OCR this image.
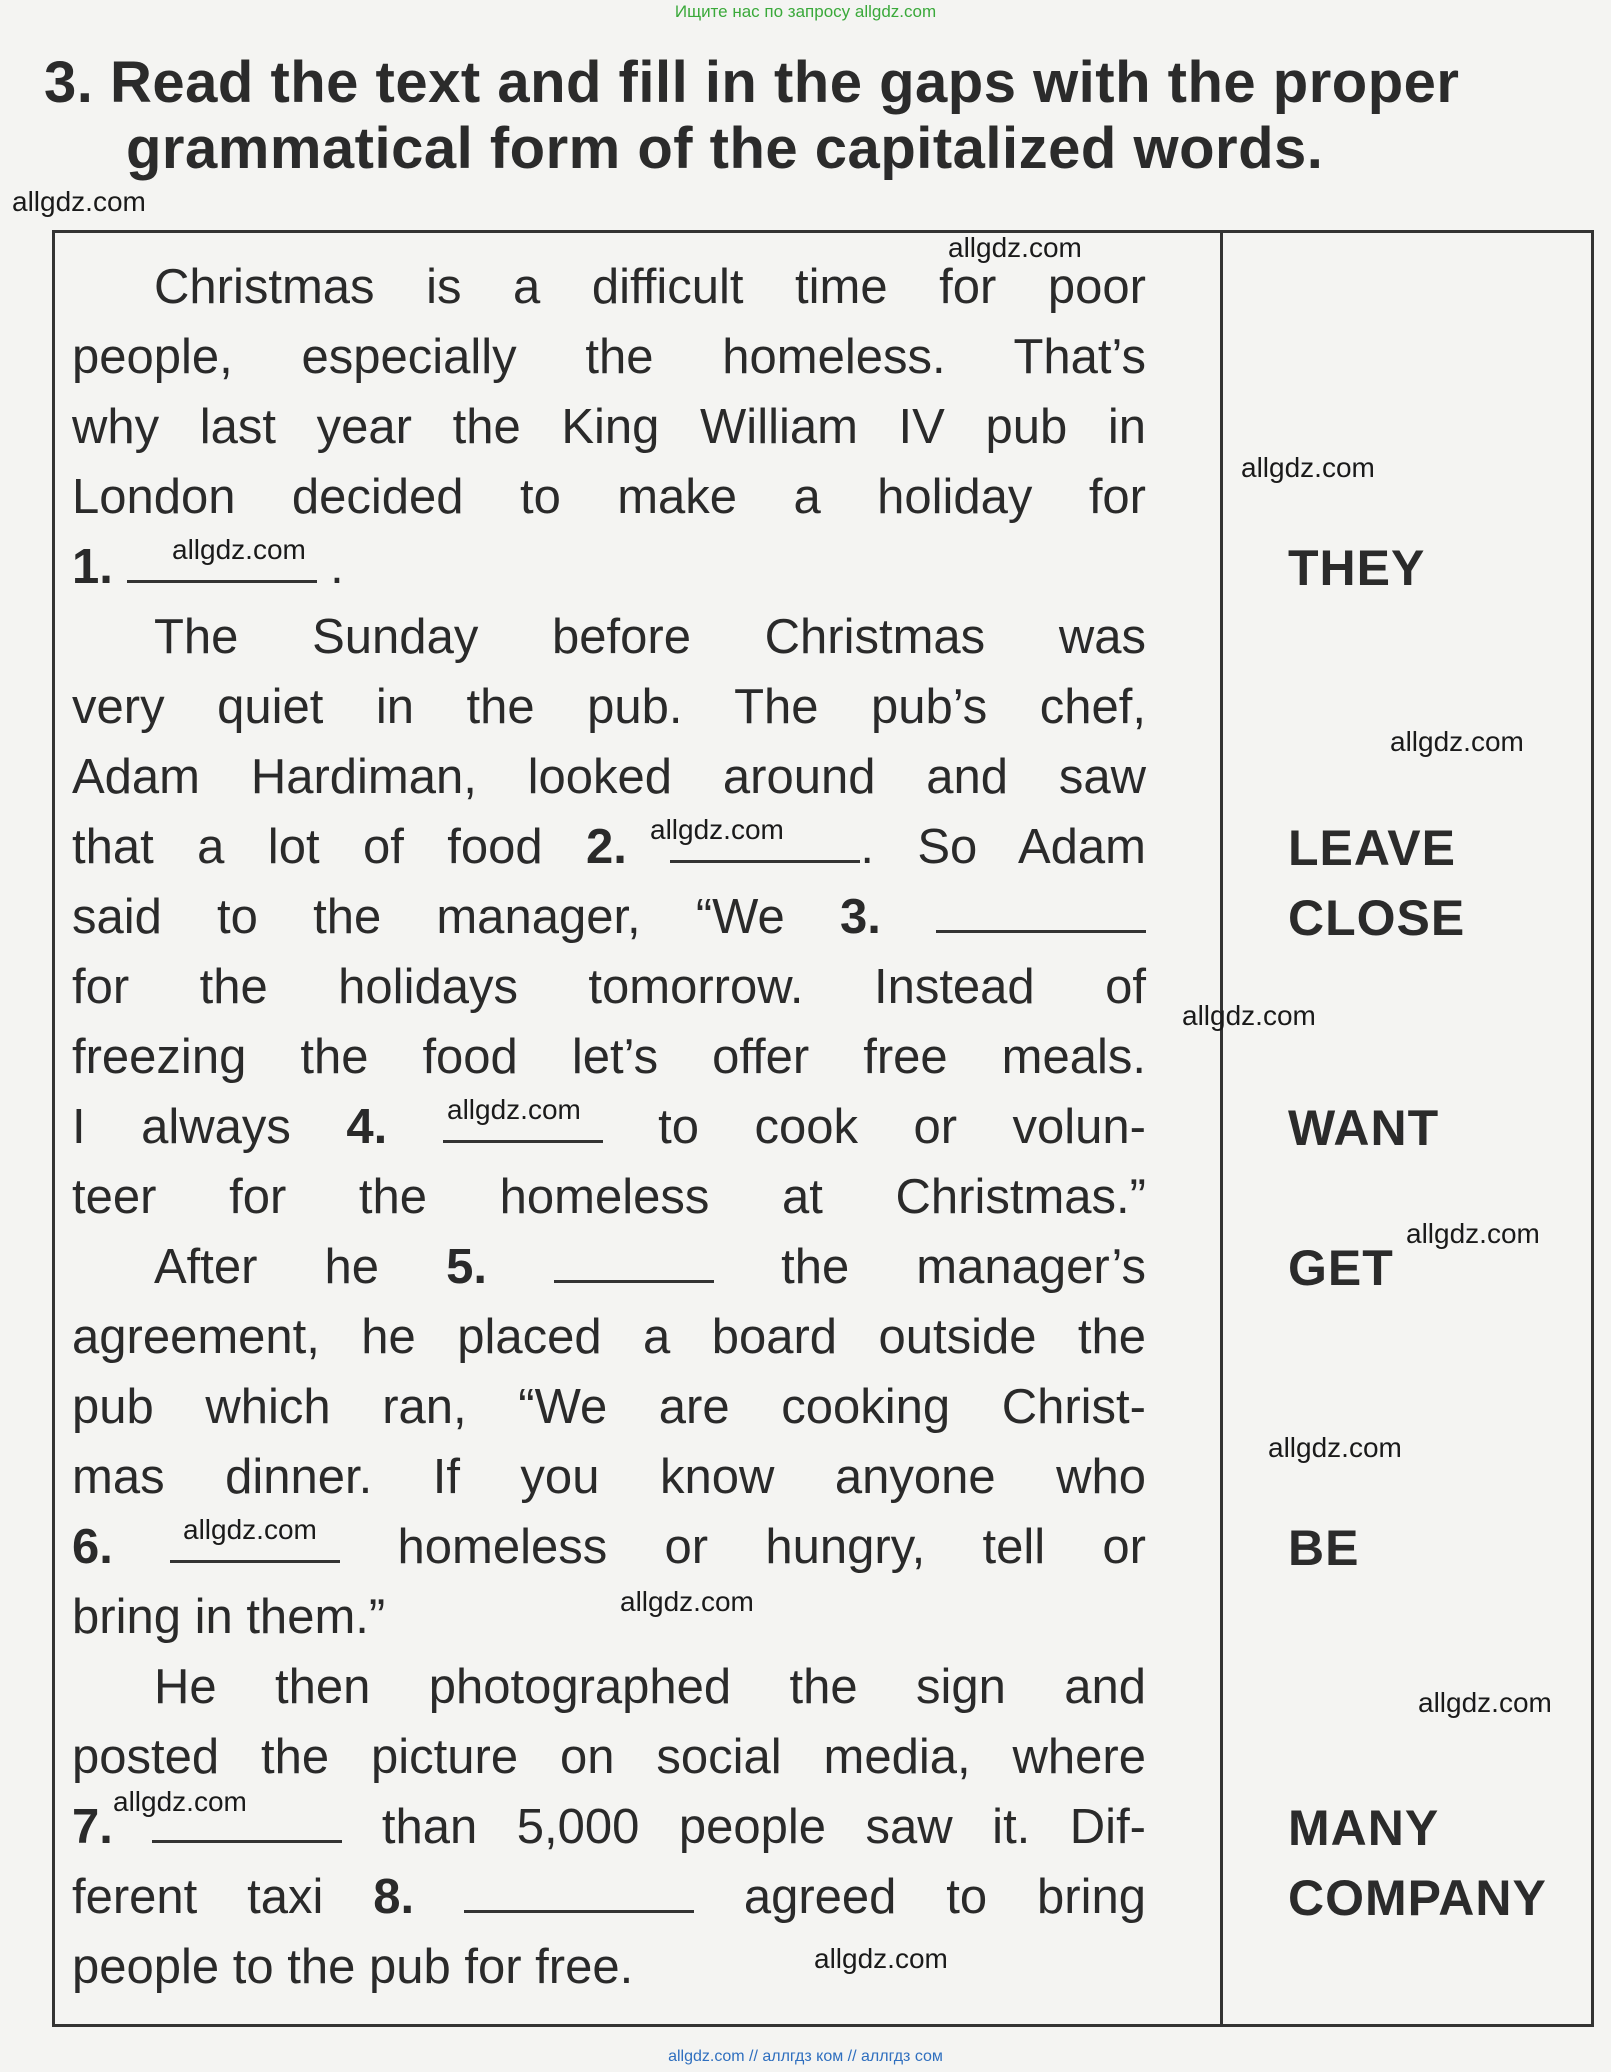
Ищите нас по запросу allgdz.com
3. Read the text and fill in the gaps with the proper
grammatical form of the capitalized words.
Christmas is a difficult time for poor
people, especially the homeless. That’s
why last year the King William IV pub in
London decided to make a holiday for
1.	.
The Sunday before Christmas was
very quiet in the pub. The pub’s chef,
Adam Hardiman, looked around and saw
that a lot of food 2.	. So Adam
said to the manager, “We 3.
for the holidays tomorrow. Instead of
freezing the food let’s offer free meals.
I always 4.	to cook or volun-
teer for the homeless at Christmas.”
After he 5.	the manager’s
agreement, he placed a board outside the
pub which ran, “We are cooking Christ-
mas dinner. If you know anyone who
6.	homeless or hungry, tell or
bring in them.”
He then photographed the sign and
posted the picture on social media, where
7.	than 5,000 people saw it. Dif-
ferent taxi 8.	agreed to bring
people to the pub for free.
THEY
LEAVE
CLOSE
WANT
GET
BE
MANY
COMPANY
allgdz.com
allgdz.com
allgdz.com
allgdz.com
allgdz.com
allgdz.com
allgdz.com
allgdz.com
allgdz.com
allgdz.com
allgdz.com
allgdz.com
allgdz.com
allgdz.com
allgdz.com
allgdz.com // аллгдз ком // аллгдз сом
